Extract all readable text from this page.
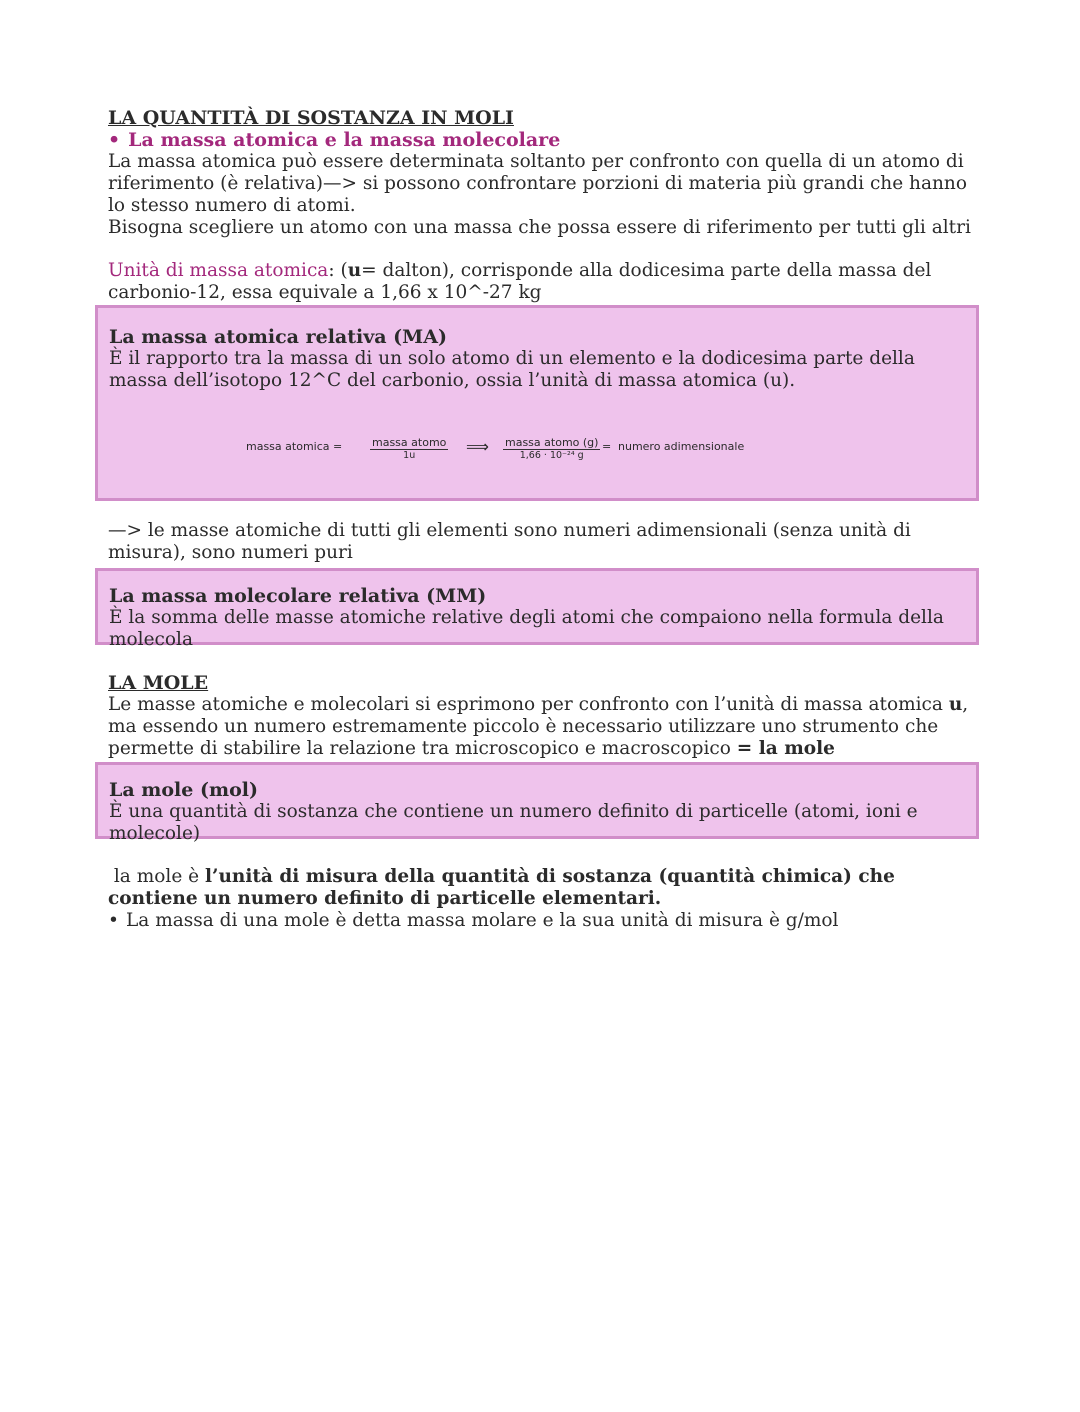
LA QUANTITÀ DI SOSTANZA IN MOLI
• La massa atomica e la massa molecolare
La massa atomica può essere determinata soltanto per confronto con quella di un atomo di riferimento (è relativa)—> si possono confrontare porzioni di materia più grandi che hanno lo stesso numero di atomi.
Bisogna scegliere un atomo con una massa che possa essere di riferimento per tutti gli altri
Unità di massa atomica: (u= dalton), corrisponde alla dodicesima parte della massa del carbonio-12, essa equivale a 1,66 x 10^-27 kg
La massa atomica relativa (MA)
È il rapporto tra la massa di un solo atomo di un elemento e la dodicesima parte della massa dell’isotopo 12^C del carbonio, ossia l’unità di massa atomica (u).
massa atomica =	massa atomo
1u	⟹ massa atomo (g)
1,66 · 10⁻²⁴ g
= numero adimensionale
—> le masse atomiche di tutti gli elementi sono numeri adimensionali (senza unità di misura), sono numeri puri
La massa molecolare relativa (MM)
È la somma delle masse atomiche relative degli atomi che compaiono nella formula della molecola
LA MOLE
Le masse atomiche e molecolari si esprimono per confronto con l’unità di massa atomica u, ma essendo un numero estremamente piccolo è necessario utilizzare uno strumento che permette di stabilire la relazione tra microscopico e macroscopico = la mole
La mole (mol)
È una quantità di sostanza che contiene un numero definito di particelle (atomi, ioni e molecole)
la mole è l’unità di misura della quantità di sostanza (quantità chimica) che contiene un numero definito di particelle elementari.
• La massa di una mole è detta massa molare e la sua unità di misura è g/mol
